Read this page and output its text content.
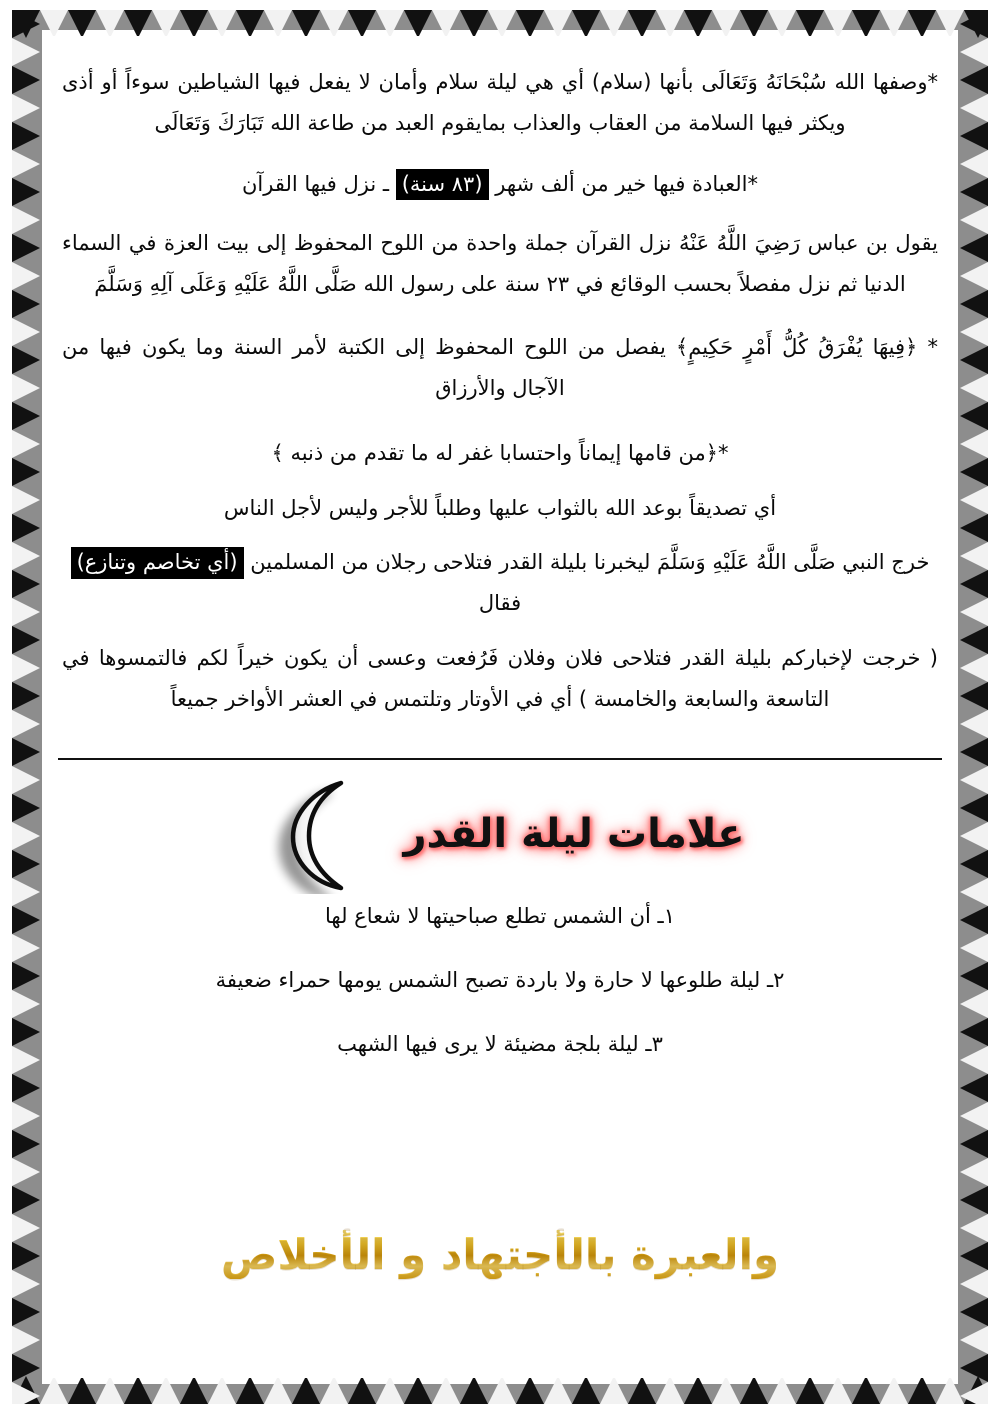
*وصفها الله سُبْحَانَهُ وَتَعَالَى بأنها (سلام) أي هي ليلة سلام وأمان لا يفعل فيها الشياطين سوءاً أو أذى ويكثر فيها السلامة من العقاب والعذاب بمايقوم العبد من طاعة الله تَبَارَكَ وَتَعَالَى
*العبادة فيها خير من ألف شهر (٨٣ سنة) ـ نزل فيها القرآن
يقول بن عباس رَضِيَ اللَّهُ عَنْهُ نزل القرآن جملة واحدة من اللوح المحفوظ إلى بيت العزة في السماء الدنيا ثم نزل مفصلاً بحسب الوقائع في ٢٣ سنة على رسول الله صَلَّى اللَّهُ عَلَيْهِ وَعَلَى آلِهِ وَسَلَّمَ
* ﴿فِيهَا يُفْرَقُ كُلُّ أَمْرٍ حَكِيمٍ﴾ يفصل من اللوح المحفوظ إلى الكتبة لأمر السنة وما يكون فيها من الآجال والأرزاق
*﴿من قامها إيماناً واحتسابا غفر له ما تقدم من ذنبه ﴾
أي تصديقاً بوعد الله بالثواب عليها وطلباً للأجر وليس لأجل الناس
خرج النبي صَلَّى اللَّهُ عَلَيْهِ وَسَلَّمَ ليخبرنا بليلة القدر فتلاحى رجلان من المسلمين (أي تخاصم وتنازع) فقال
( خرجت لإخباركم بليلة القدر فتلاحى فلان وفلان فَرُفعت وعسى أن يكون خيراً لكم فالتمسوها في التاسعة والسابعة والخامسة ) أي في الأوتار وتلتمس في العشر الأواخر جميعاً
علامات ليلة القدر
١ـ أن الشمس تطلع صباحيتها لا شعاع لها
٢ـ ليلة طلوعها لا حارة ولا باردة تصبح الشمس يومها حمراء ضعيفة
٣ـ ليلة بلجة مضيئة لا يرى فيها الشهب
والعبرة بالأجتهاد و الأخلاص
